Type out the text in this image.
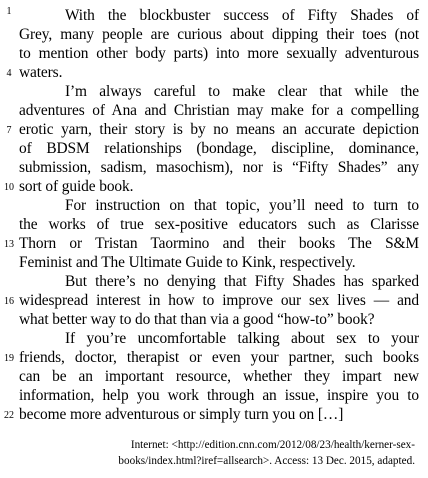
1
4
7
10
13
16
19
22
With the blockbuster success of Fifty Shades of
Grey, many people are curious about dipping their toes (not
to mention other body parts) into more sexually adventurous
waters.
I’m always careful to make clear that while the
adventures of Ana and Christian may make for a compelling
erotic yarn, their story is by no means an accurate depiction
of BDSM relationships (bondage, discipline, dominance,
submission, sadism, masochism), nor is “Fifty Shades” any
sort of guide book.
For instruction on that topic, you’ll need to turn to
the works of true sex-positive educators such as Clarisse
Thorn or Tristan Taormino and their books The S&M
Feminist and The Ultimate Guide to Kink, respectively.
But there’s no denying that Fifty Shades has sparked
widespread interest in how to improve our sex lives — and
what better way to do that than via a good “how-to” book?
If you’re uncomfortable talking about sex to your
friends, doctor, therapist or even your partner, such books
can be an important resource, whether they impart new
information, help you work through an issue, inspire you to
become more adventurous or simply turn you on […]
Internet: <http://edition.cnn.com/2012/08/23/health/kerner-sex-
books/index.html?iref=allsearch>. Access: 13 Dec. 2015, adapted.
